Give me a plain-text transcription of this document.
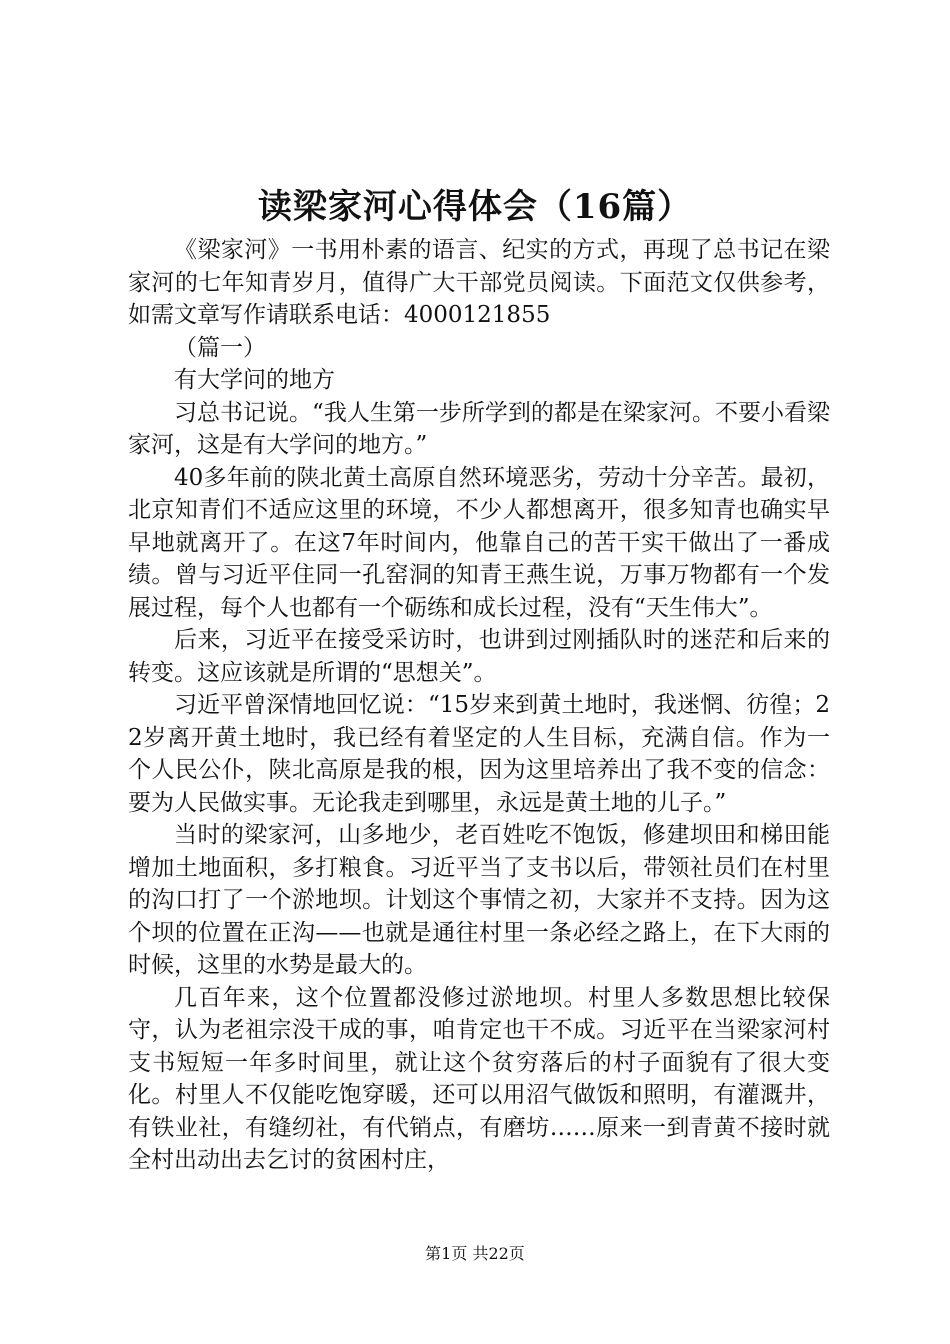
读梁家河心得体会（16篇）

《梁家河》一书用朴素的语言、纪实的方式，再现了总书记在梁家河的七年知青岁月，值得广大干部党员阅读。下面范文仅供参考，如需文章写作请联系电话：4000121855

（篇一）

有大学问的地方

习总书记说。“我人生第一步所学到的都是在梁家河。不要小看梁家河，这是有大学问的地方。”

40多年前的陕北黄土高原自然环境恶劣，劳动十分辛苦。最初，北京知青们不适应这里的环境，不少人都想离开，很多知青也确实早早地就离开了。在这7年时间内，他靠自己的苦干实干做出了一番成绩。曾与习近平住同一孔窑洞的知青王燕生说，万事万物都有一个发展过程，每个人也都有一个砺练和成长过程，没有“天生伟大”。

后来，习近平在接受采访时，也讲到过刚插队时的迷茫和后来的转变。这应该就是所谓的“思想关”。

习近平曾深情地回忆说：“15岁来到黄土地时，我迷惘、彷徨；22岁离开黄土地时，我已经有着坚定的人生目标，充满自信。作为一个人民公仆，陕北高原是我的根，因为这里培养出了我不变的信念：要为人民做实事。无论我走到哪里，永远是黄土地的儿子。”

当时的梁家河，山多地少，老百姓吃不饱饭，修建坝田和梯田能增加土地面积，多打粮食。习近平当了支书以后，带领社员们在村里的沟口打了一个淤地坝。计划这个事情之初，大家并不支持。因为这个坝的位置在正沟——也就是通往村里一条必经之路上，在下大雨的时候，这里的水势是最大的。

几百年来，这个位置都没修过淤地坝。村里人多数思想比较保守，认为老祖宗没干成的事，咱肯定也干不成。习近平在当梁家河村支书短短一年多时间里，就让这个贫穷落后的村子面貌有了很大变化。村里人不仅能吃饱穿暖，还可以用沼气做饭和照明，有灌溉井，有铁业社，有缝纫社，有代销点，有磨坊……原来一到青黄不接时就全村出动出去乞讨的贫困村庄，

第1页 共22页
